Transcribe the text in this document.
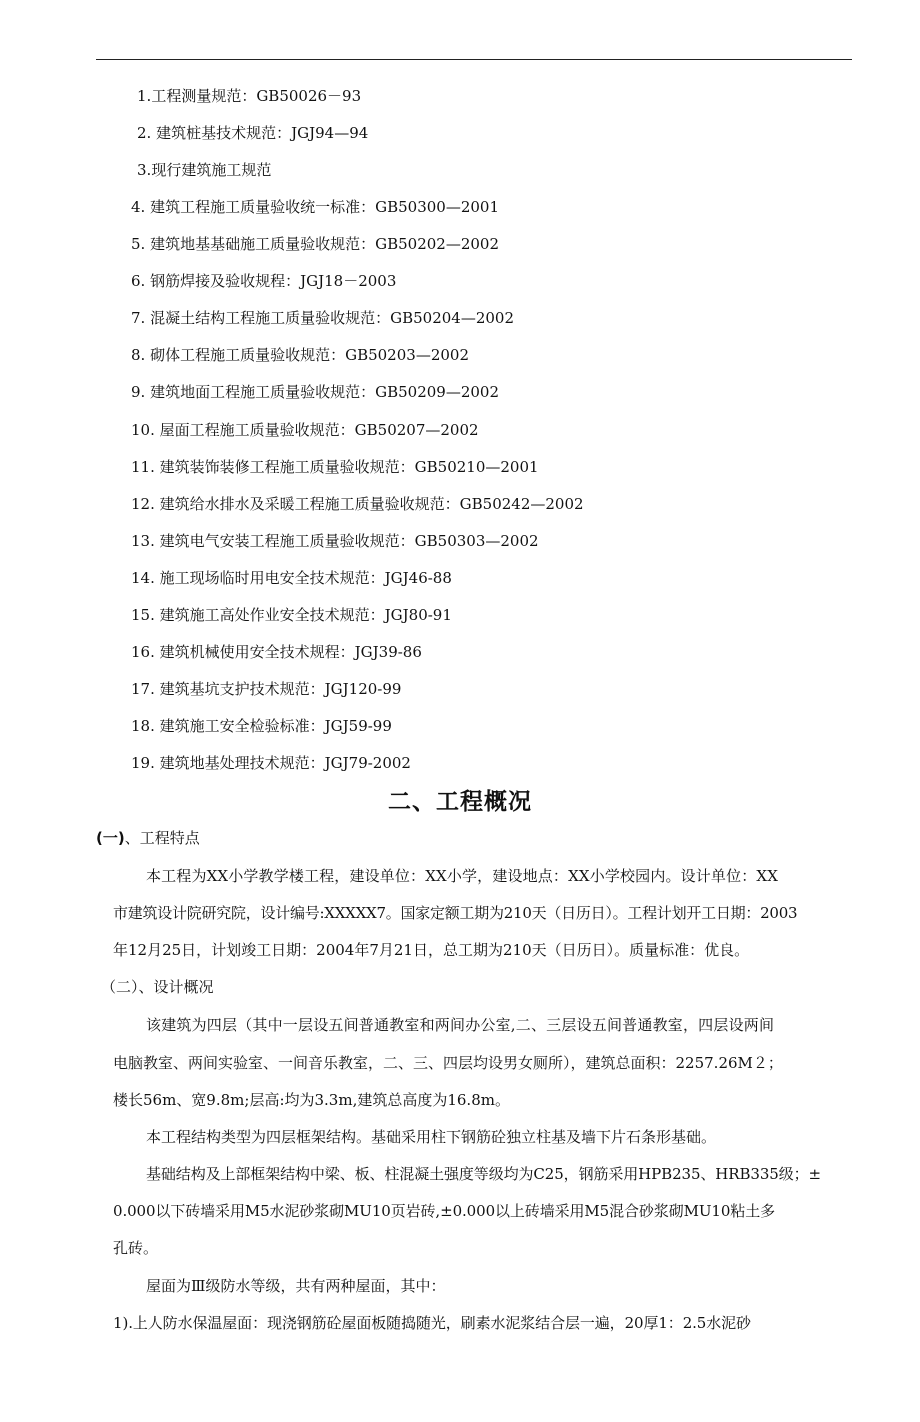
1.工程测量规范：GB50026－93
2. 建筑桩基技术规范：JGJ94—94
3.现行建筑施工规范
4. 建筑工程施工质量验收统一标准：GB50300—2001
5. 建筑地基基础施工质量验收规范：GB50202—2002
6. 钢筋焊接及验收规程：JGJ18－2003
7. 混凝土结构工程施工质量验收规范：GB50204—2002
8. 砌体工程施工质量验收规范：GB50203—2002
9. 建筑地面工程施工质量验收规范：GB50209—2002
10. 屋面工程施工质量验收规范：GB50207—2002
11. 建筑装饰装修工程施工质量验收规范：GB50210—2001
12. 建筑给水排水及采暖工程施工质量验收规范：GB50242—2002
13. 建筑电气安装工程施工质量验收规范：GB50303—2002
14. 施工现场临时用电安全技术规范：JGJ46-88
15. 建筑施工高处作业安全技术规范：JGJ80-91
16. 建筑机械使用安全技术规程：JGJ39-86
17. 建筑基坑支护技术规范：JGJ120-99
18. 建筑施工安全检验标准：JGJ59-99
19. 建筑地基处理技术规范：JGJ79-2002
二、工程概况
(一)、工程特点
本工程为XX小学教学楼工程，建设单位：XX小学，建设地点：XX小学校园内。设计单位：XX
市建筑设计院研究院，设计编号:XXXXX7。国家定额工期为210天（日历日）。工程计划开工日期：2003
年12月25日，计划竣工日期：2004年7月21日，总工期为210天（日历日）。质量标准：优良。
（二）、设计概况
该建筑为四层（其中一层设五间普通教室和两间办公室,二、三层设五间普通教室，四层设两间
电脑教室、两间实验室、一间音乐教室，二、三、四层均设男女厕所），建筑总面积：2257.26M２；
楼长56m、宽9.8m;层高:均为3.3m,建筑总高度为16.8m。
本工程结构类型为四层框架结构。基础采用柱下钢筋砼独立柱基及墙下片石条形基础。
基础结构及上部框架结构中梁、板、柱混凝土强度等级均为C25，钢筋采用HPB235、HRB335级；±
0.000以下砖墙采用M5水泥砂浆砌MU10页岩砖,±0.000以上砖墙采用M5混合砂浆砌MU10粘土多
孔砖。
屋面为Ⅲ级防水等级，共有两种屋面，其中：
1).上人防水保温屋面：现浇钢筋砼屋面板随捣随光，刷素水泥浆结合层一遍，20厚1：2.5水泥砂
